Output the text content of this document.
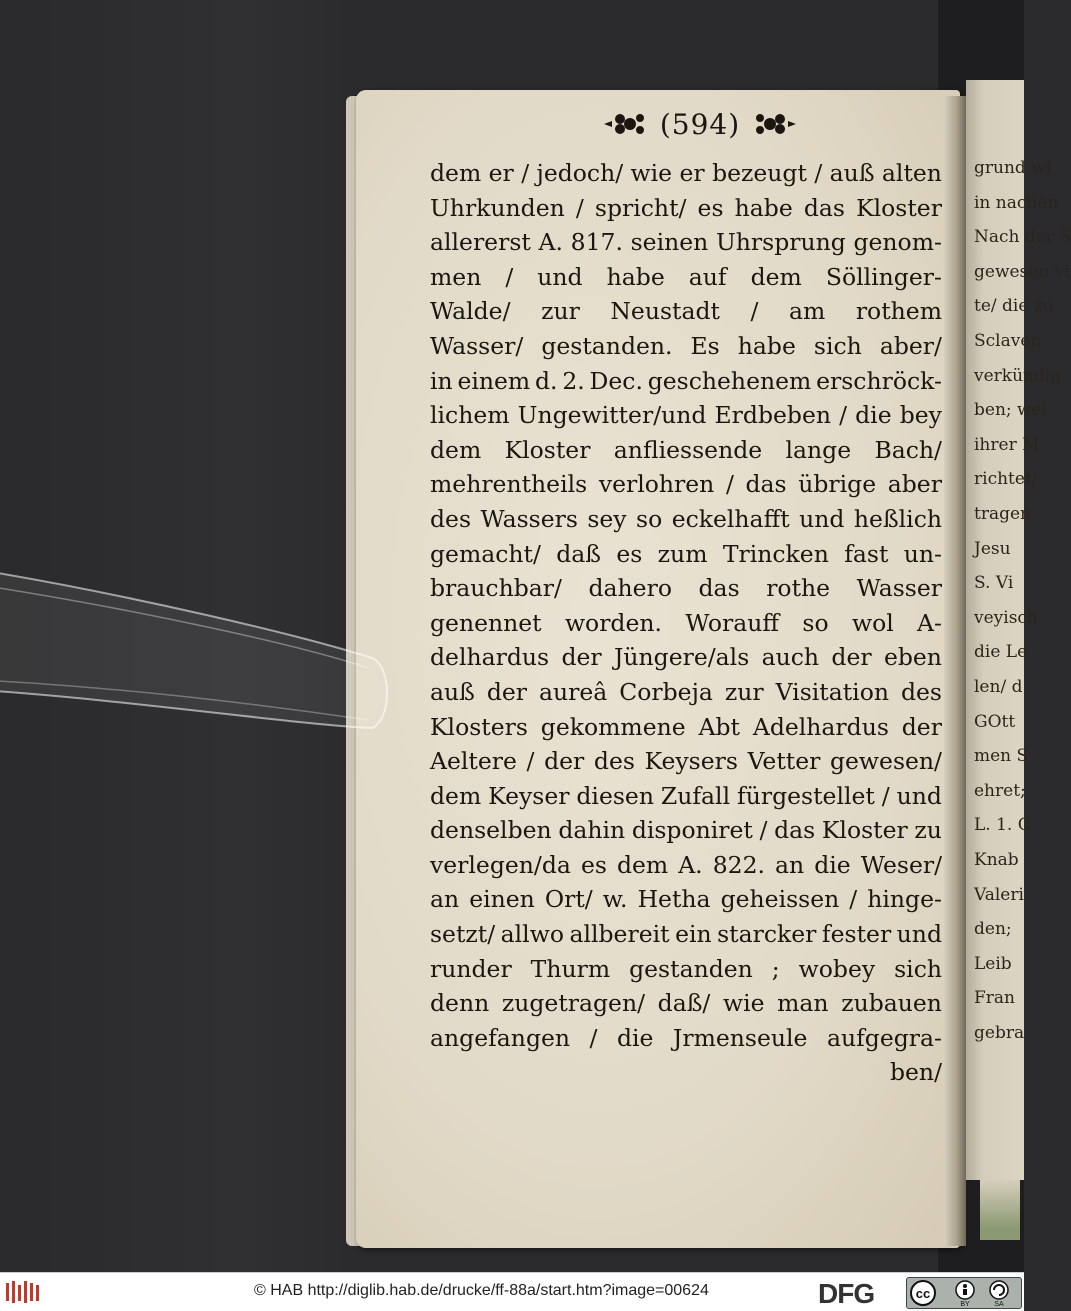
grund wi
in nachen
Nach der S
gewesen vi
te/ die zu
Sclaven
verkündig
ben; wel
ihrer M
richtet/
tragen
Jesu
S. Vi
veyisch
die Le
len/ d
GOtt
men S
ehret;
L. 1. C
Knab
Valeri
den;
Leib
Fran
gebra
(594)
dem er / jedoch/ wie er bezeugt / auß alten
Uhrkunden / spricht/ es habe das Kloster
allererst A. 817. seinen Uhrsprung genom-
men / und habe auf dem Söllinger-
Walde/ zur Neustadt / am rothem
Wasser/ gestanden. Es habe sich aber/
in einem d. 2. Dec. geschehenem erschröck-
lichem Ungewitter/und Erdbeben / die bey
dem Kloster anfliessende lange Bach/
mehrentheils verlohren / das übrige aber
des Wassers sey so eckelhafft und heßlich
gemacht/ daß es zum Trincken fast un-
brauchbar/ dahero das rothe Wasser
genennet worden. Worauff so wol A-
delhardus der Jüngere/als auch der eben
auß der aureâ Corbeja zur Visitation des
Klosters gekommene Abt Adelhardus der
Aeltere / der des Keysers Vetter gewesen/
dem Keyser diesen Zufall fürgestellet / und
denselben dahin disponiret / das Kloster zu
verlegen/da es dem A. 822. an die Weser/
an einen Ort/ w. Hetha geheissen / hinge-
setzt/ allwo allbereit ein starcker fester und
runder Thurm gestanden ; wobey sich
denn zugetragen/ daß/ wie man zubauen
angefangen / die Jrmenseule aufgegra-
ben/
© HAB http://diglib.hab.de/drucke/ff-88a/start.htm?image=00624	DFG	cc
BY	SA
